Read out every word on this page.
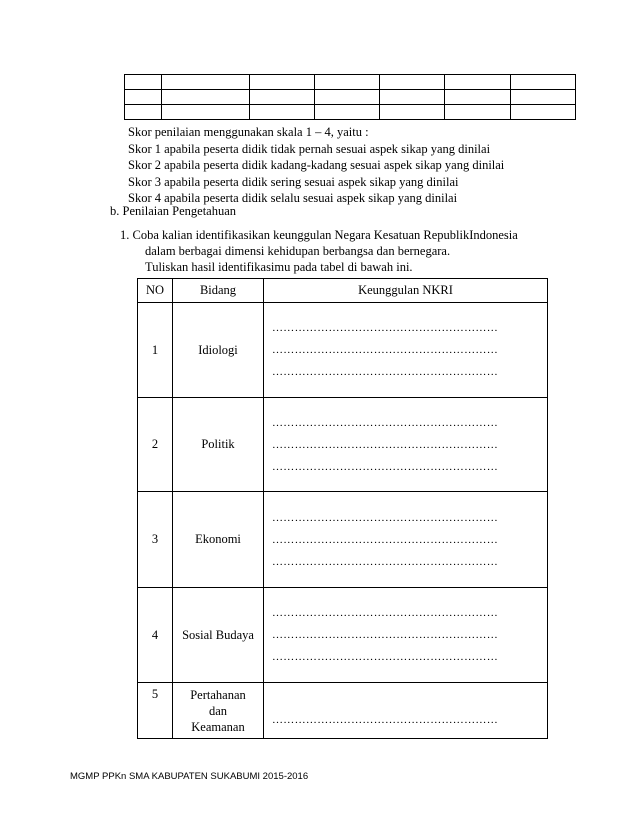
Skor penilaian menggunakan skala 1 – 4, yaitu :
Skor 1 apabila peserta didik tidak pernah sesuai aspek sikap yang dinilai
Skor 2 apabila peserta didik kadang-kadang sesuai aspek sikap yang dinilai
Skor 3 apabila peserta didik sering sesuai aspek sikap yang dinilai
Skor 4 apabila peserta didik selalu sesuai aspek sikap yang dinilai
b. Penilaian Pengetahuan
1. Coba kalian identifikasikan keunggulan Negara Kesatuan RepublikIndonesia
dalam berbagai dimensi kehidupan berbangsa dan bernegara.
Tuliskan hasil identifikasimu pada tabel di bawah ini.
NO	Bidang	Keunggulan NKRI
1	Idiologi	……………………………………………………
……………………………………………………
……………………………………………………

2	Politik	……………………………………………………
……………………………………………………
……………………………………………………

3	Ekonomi	……………………………………………………
……………………………………………………
……………………………………………………

4	Sosial Budaya	……………………………………………………
……………………………………………………
……………………………………………………

5	Pertahanan
dan
Keamanan	……………………………………………………
MGMP PPKn SMA KABUPATEN SUKABUMI 2015-2016
